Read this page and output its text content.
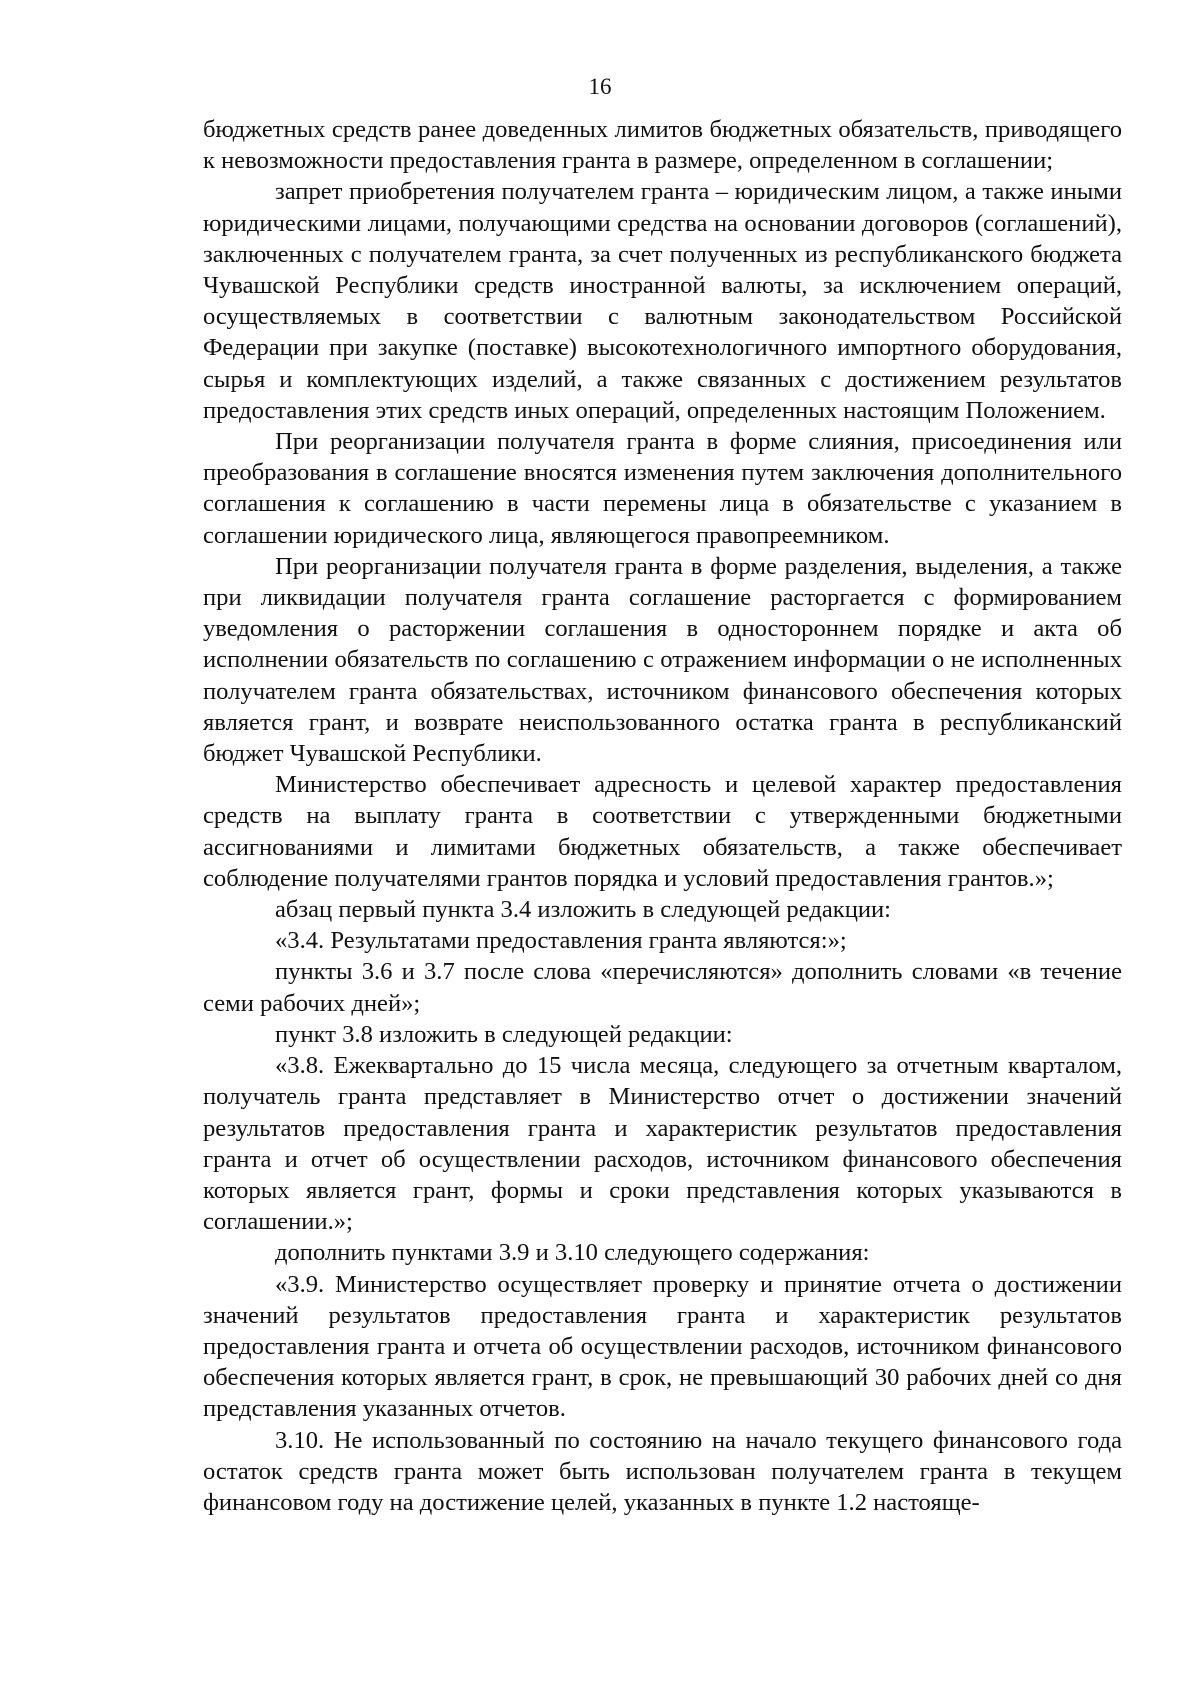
16

бюджетных средств ранее доведенных лимитов бюджетных обязательств, приводящего к невозможности предоставления гранта в размере, определенном в соглашении;

запрет приобретения получателем гранта – юридическим лицом, а также иными юридическими лицами, получающими средства на основании договоров (соглашений), заключенных с получателем гранта, за счет полученных из республиканского бюджета Чувашской Республики средств иностранной валюты, за исключением операций, осуществляемых в соответствии с валютным законодательством Российской Федерации при закупке (поставке) высокотехнологичного импортного оборудования, сырья и комплектующих изделий, а также связанных с достижением результатов предоставления этих средств иных операций, определенных настоящим Положением.

При реорганизации получателя гранта в форме слияния, присоединения или преобразования в соглашение вносятся изменения путем заключения дополнительного соглашения к соглашению в части перемены лица в обязательстве с указанием в соглашении юридического лица, являющегося правопреемником.

При реорганизации получателя гранта в форме разделения, выделения, а также при ликвидации получателя гранта соглашение расторгается с формированием уведомления о расторжении соглашения в одностороннем порядке и акта об исполнении обязательств по соглашению с отражением информации о не исполненных получателем гранта обязательствах, источником финансового обеспечения которых является грант, и возврате неиспользованного остатка гранта в республиканский бюджет Чувашской Республики.

Министерство обеспечивает адресность и целевой характер предоставления средств на выплату гранта в соответствии с утвержденными бюджетными ассигнованиями и лимитами бюджетных обязательств, а также обеспечивает соблюдение получателями грантов порядка и условий предоставления грантов.»;

абзац первый пункта 3.4 изложить в следующей редакции:

«3.4. Результатами предоставления гранта являются:»;

пункты 3.6 и 3.7 после слова «перечисляются» дополнить словами «в течение семи рабочих дней»;

пункт 3.8 изложить в следующей редакции:

«3.8. Ежеквартально до 15 числа месяца, следующего за отчетным кварталом, получатель гранта представляет в Министерство отчет о достижении значений результатов предоставления гранта и характеристик результатов предоставления гранта и отчет об осуществлении расходов, источником финансового обеспечения которых является грант, формы и сроки представления которых указываются в соглашении.»;

дополнить пунктами 3.9 и 3.10 следующего содержания:

«3.9. Министерство осуществляет проверку и принятие отчета о достижении значений результатов предоставления гранта и характеристик результатов предоставления гранта и отчета об осуществлении расходов, источником финансового обеспечения которых является грант, в срок, не превышающий 30 рабочих дней со дня представления указанных отчетов.

3.10. Не использованный по состоянию на начало текущего финансового года остаток средств гранта может быть использован получателем гранта в текущем финансовом году на достижение целей, указанных в пункте 1.2 настояще-
